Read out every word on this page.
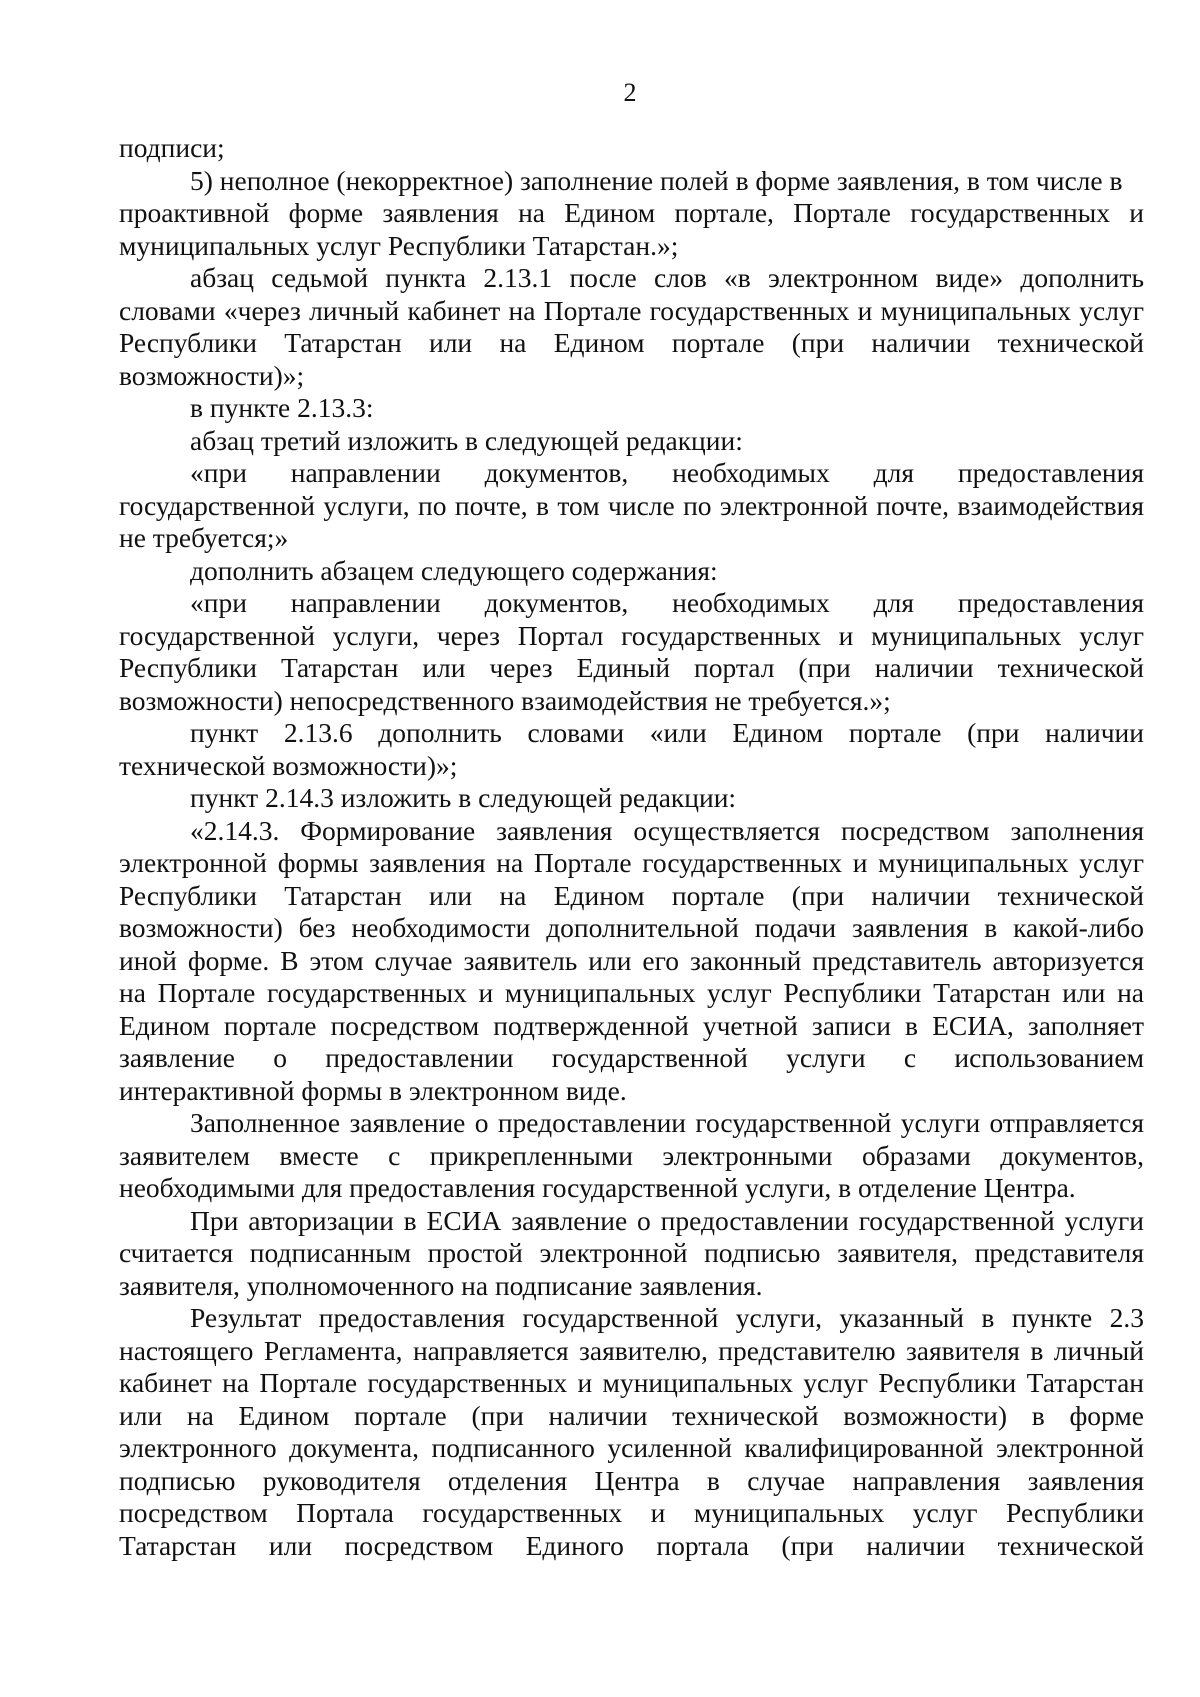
2
подписи;
5) неполное (некорректное) заполнение полей в форме заявления, в том числе в
проактивной форме заявления на Едином портале, Портале государственных и
муниципальных услуг Республики Татарстан.»;
абзац седьмой пункта 2.13.1 после слов «в электронном виде» дополнить
словами «через личный кабинет на Портале государственных и муниципальных услуг
Республики Татарстан или на Едином портале (при наличии технической
возможности)»;
в пункте 2.13.3:
абзац третий изложить в следующей редакции:
«при направлении документов, необходимых для предоставления
государственной услуги, по почте, в том числе по электронной почте, взаимодействия
не требуется;»
дополнить абзацем следующего содержания:
«при направлении документов, необходимых для предоставления
государственной услуги, через Портал государственных и муниципальных услуг
Республики Татарстан или через Единый портал (при наличии технической
возможности) непосредственного взаимодействия не требуется.»;
пункт 2.13.6 дополнить словами «или Едином портале (при наличии
технической возможности)»;
пункт 2.14.3 изложить в следующей редакции:
«2.14.3. Формирование заявления осуществляется посредством заполнения
электронной формы заявления на Портале государственных и муниципальных услуг
Республики Татарстан или на Едином портале (при наличии технической
возможности) без необходимости дополнительной подачи заявления в какой-либо
иной форме. В этом случае заявитель или его законный представитель авторизуется
на Портале государственных и муниципальных услуг Республики Татарстан или на
Едином портале посредством подтвержденной учетной записи в ЕСИА, заполняет
заявление о предоставлении государственной услуги с использованием
интерактивной формы в электронном виде.
Заполненное заявление о предоставлении государственной услуги отправляется
заявителем вместе с прикрепленными электронными образами документов,
необходимыми для предоставления государственной услуги, в отделение Центра.
При авторизации в ЕСИА заявление о предоставлении государственной услуги
считается подписанным простой электронной подписью заявителя, представителя
заявителя, уполномоченного на подписание заявления.
Результат предоставления государственной услуги, указанный в пункте 2.3
настоящего Регламента, направляется заявителю, представителю заявителя в личный
кабинет на Портале государственных и муниципальных услуг Республики Татарстан
или на Едином портале (при наличии технической возможности) в форме
электронного документа, подписанного усиленной квалифицированной электронной
подписью руководителя отделения Центра в случае направления заявления
посредством Портала государственных и муниципальных услуг Республики
Татарстан или посредством Единого портала (при наличии технической
